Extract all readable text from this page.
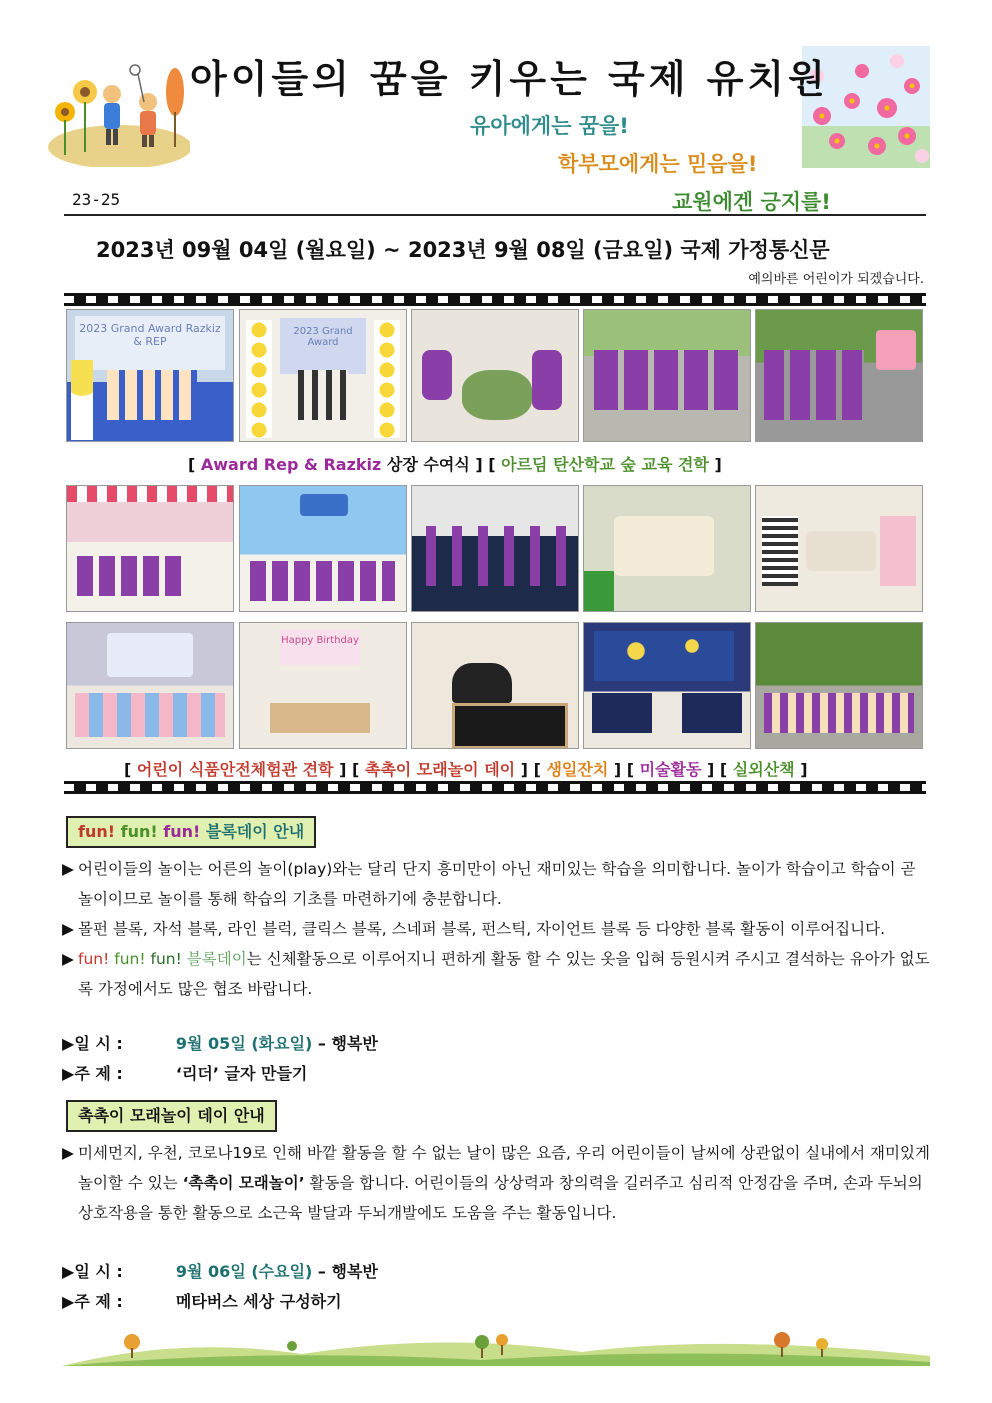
아이들의 꿈을 키우는 국제 유치원
유아에게는 꿈을!
학부모에게는 믿음을!
교원에겐 긍지를!
23-25
2023년 09월 04일 (월요일) ~ 2023년 9월 08일 (금요일) 국제 가정통신문
예의바른 어린이가 되겠습니다.
2023 Grand Award Razkiz & REP
2023 Grand Award
[ Award Rep & Razkiz 상장 수여식 ] [ 아르딤 탄산학교 숲 교육 견학 ]
Happy Birthday
[ 어린이 식품안전체험관 견학 ] [ 촉촉이 모래놀이 데이 ] [ 생일잔치 ] [ 미술활동 ] [ 실외산책 ]
fun! fun! fun! 블록데이 안내

▶ 어린이들의 놀이는 어른의 놀이(play)와는 달리 단지 흥미만이 아닌 재미있는 학습을 의미합니다. 놀이가 학습이고 학습이 곧 놀이이므로 놀이를 통해 학습의 기초를 마련하기에 충분합니다.

▶ 몰펀 블록, 자석 블록, 라인 블럭, 클릭스 블록, 스네퍼 블록, 펀스틱, 자이언트 블록 등 다양한 블록 활동이 이루어집니다.

▶ fun! fun! fun! 블록데이는 신체활동으로 이루어지니 편하게 활동 할 수 있는 옷을 입혀 등원시켜 주시고 결석하는 유아가 없도록 가정에서도 많은 협조 바랍니다.

▶일 시 :	9월 05일 (화요일) – 행복반
▶주 제 :	‘리더’ 글자 만들기
촉촉이 모래놀이 데이 안내

▶ 미세먼지, 우천, 코로나19로 인해 바깥 활동을 할 수 없는 날이 많은 요즘, 우리 어린이들이 날씨에 상관없이 실내에서 재미있게 놀이할 수 있는 ‘촉촉이 모래놀이’ 활동을 합니다. 어린이들의 상상력과 창의력을 길러주고 심리적 안정감을 주며, 손과 두뇌의 상호작용을 통한 활동으로 소근육 발달과 두뇌개발에도 도움을 주는 활동입니다.

▶일 시 :	9월 06일 (수요일) – 행복반
▶주 제 :	메타버스 세상 구성하기
